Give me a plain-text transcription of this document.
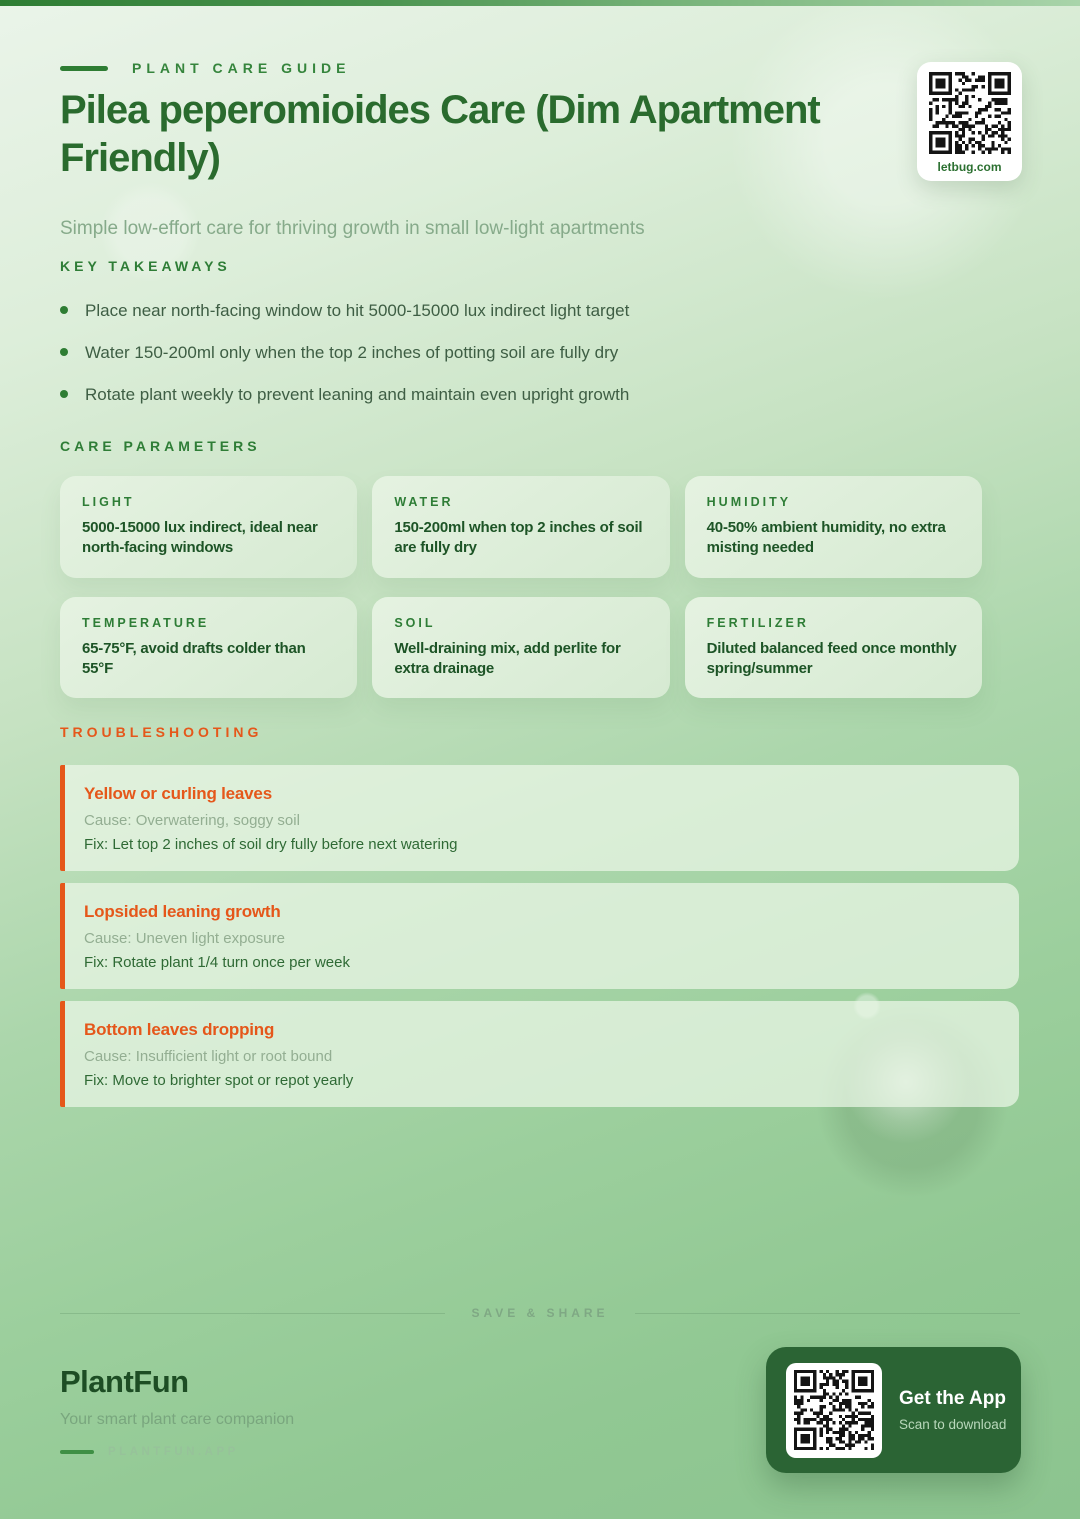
PLANT CARE GUIDE
Pilea peperomioides Care (Dim Apartment Friendly)

Simple low-effort care for thriving growth in small low-light apartments

letbug.com
KEY TAKEAWAYS
Place near north-facing window to hit 5000-15000 lux indirect light target
Water 150-200ml only when the top 2 inches of potting soil are fully dry
Rotate plant weekly to prevent leaning and maintain even upright growth
CARE PARAMETERS
LIGHT
5000-15000 lux indirect, ideal near north-facing windows
WATER
150-200ml when top 2 inches of soil are fully dry
HUMIDITY
40-50% ambient humidity, no extra misting needed
TEMPERATURE
65-75°F, avoid drafts colder than 55°F
SOIL
Well-draining mix, add perlite for extra drainage
FERTILIZER
Diluted balanced feed once monthly spring/summer
TROUBLESHOOTING
Yellow or curling leaves
Cause: Overwatering, soggy soil
Fix: Let top 2 inches of soil dry fully before next watering
Lopsided leaning growth
Cause: Uneven light exposure
Fix: Rotate plant 1/4 turn once per week
Bottom leaves dropping
Cause: Insufficient light or root bound
Fix: Move to brighter spot or repot yearly
SAVE & SHARE
PlantFun
Your smart plant care companion
PLANTFUN.APP
Get the App
Scan to download
